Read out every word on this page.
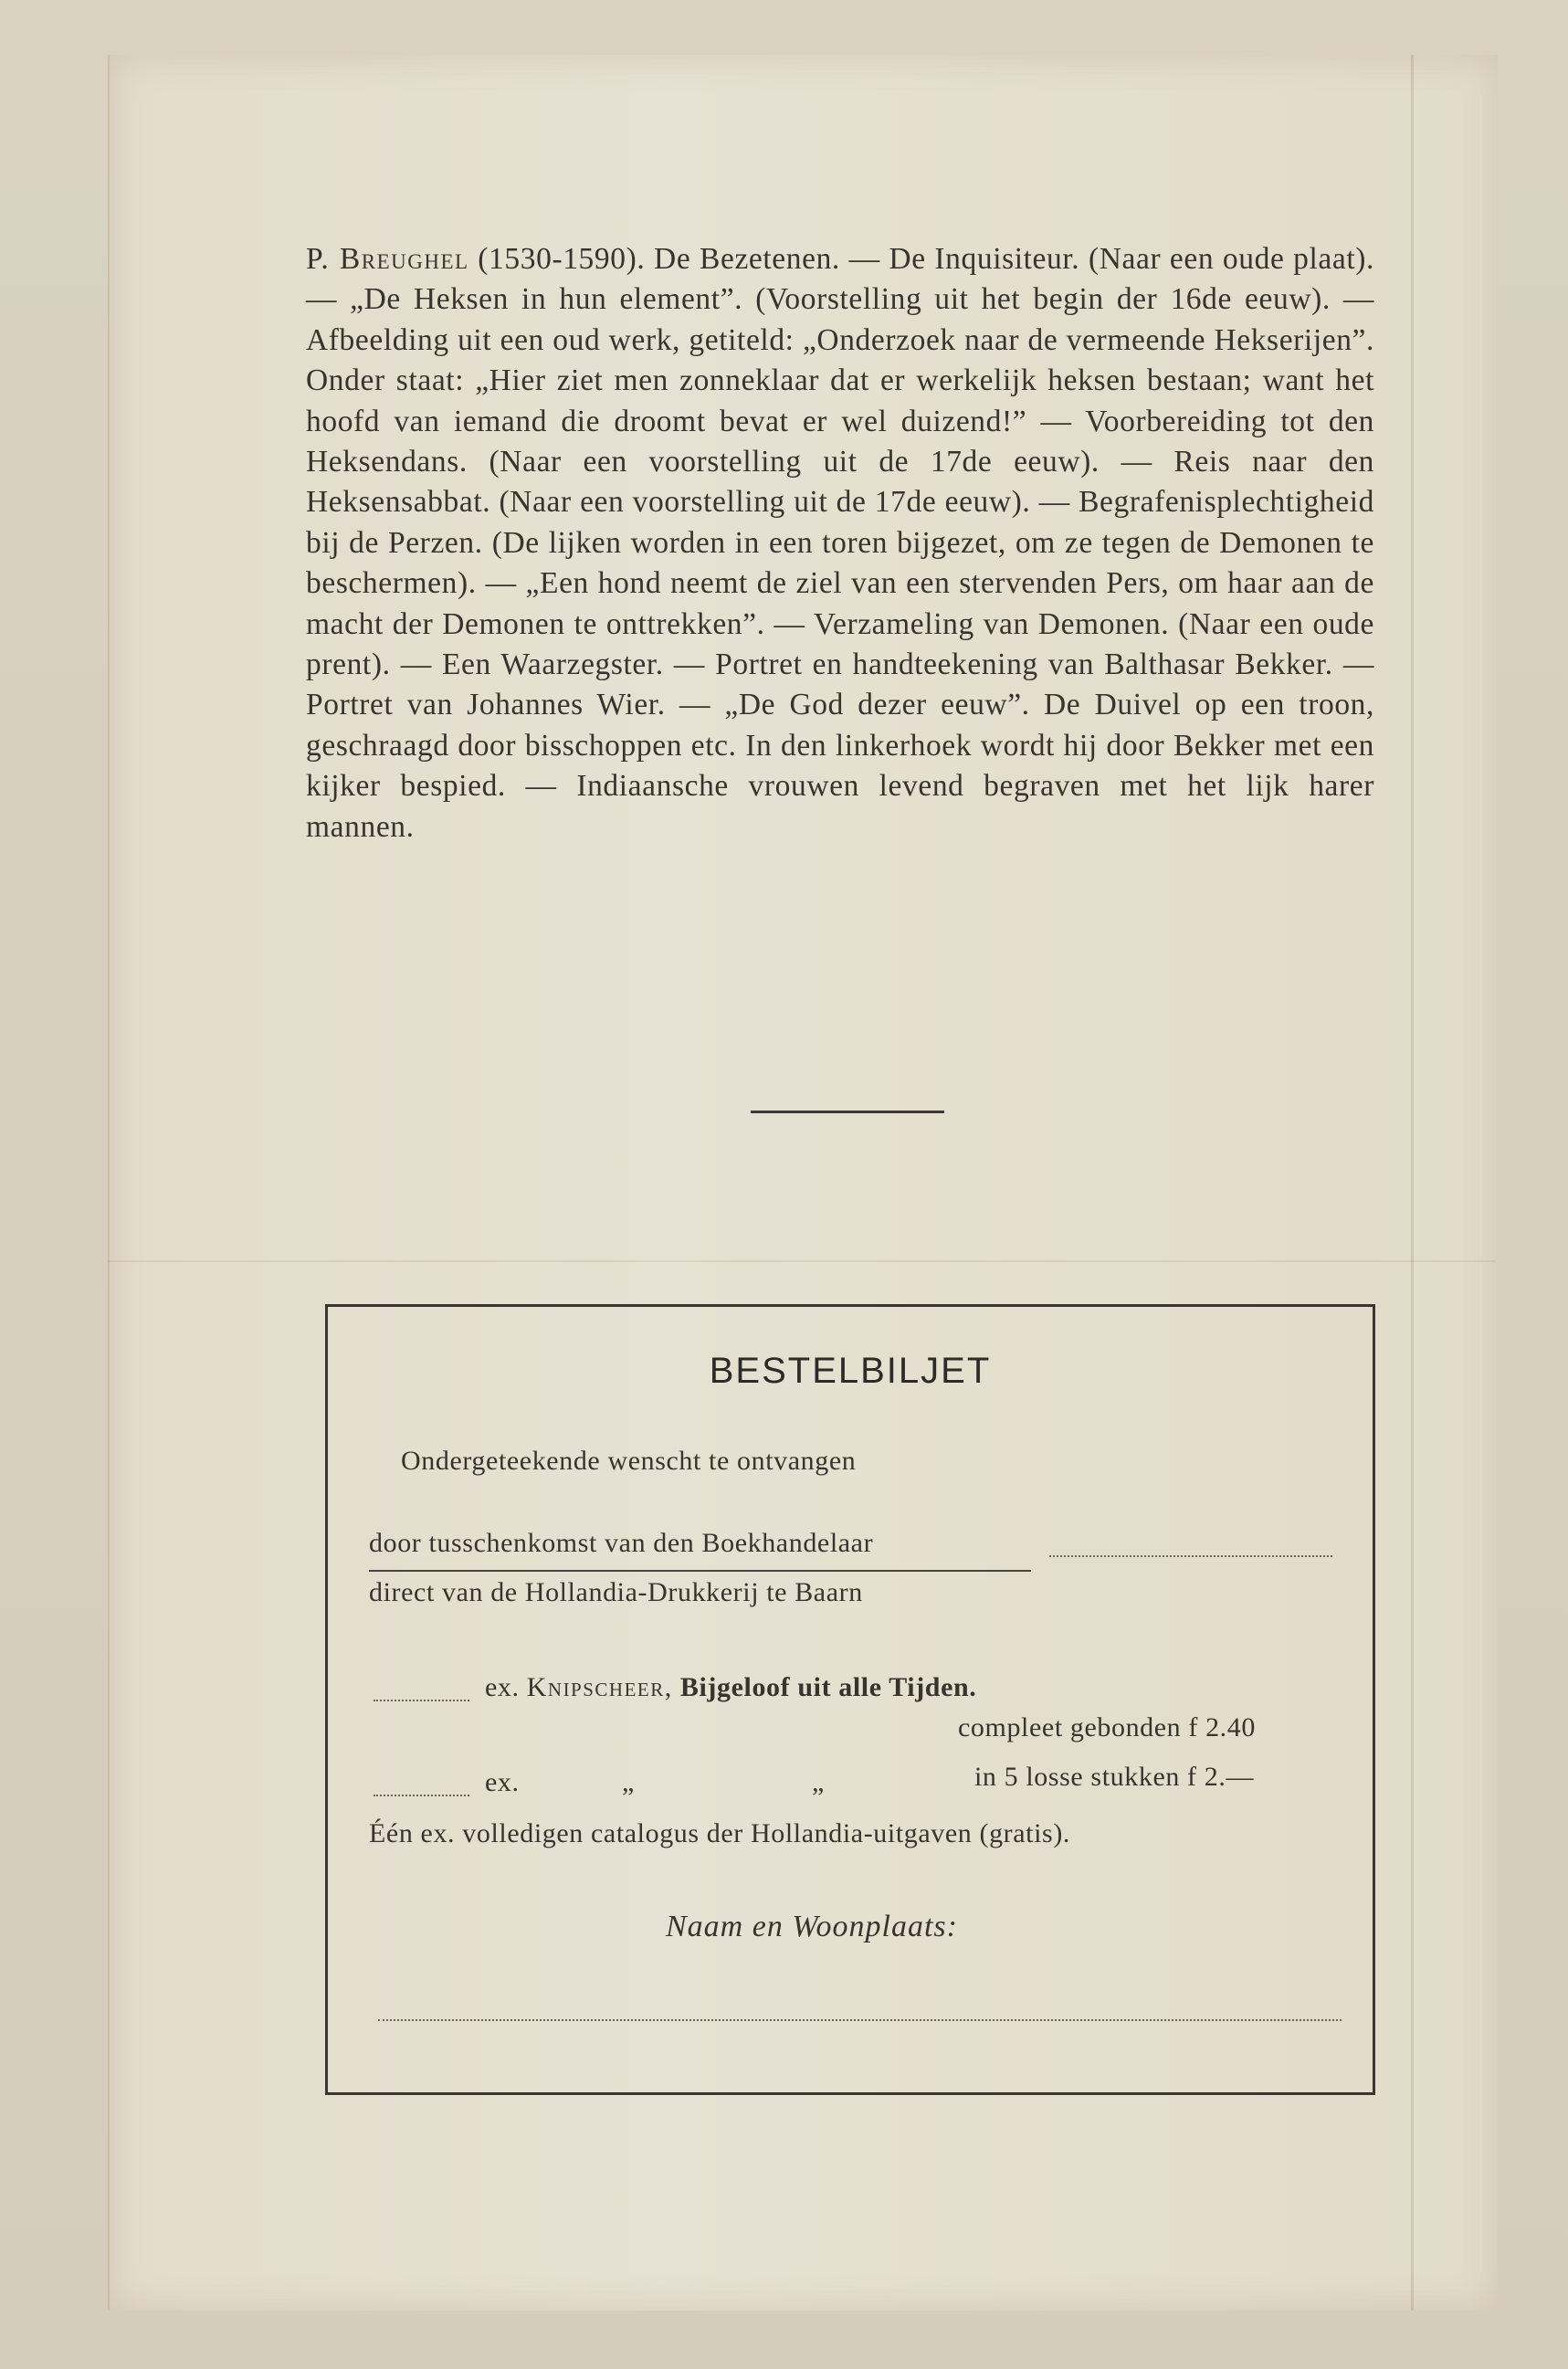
P. Breughel (1530-1590). De Bezetenen. — De Inquisiteur. (Naar een oude plaat). — „De Heksen in hun element”. (Voorstelling uit het begin der 16de eeuw). — Afbeelding uit een oud werk, getiteld: „Onderzoek naar de vermeende Hekserijen”. Onder staat: „Hier ziet men zonneklaar dat er werkelijk heksen bestaan; want het hoofd van iemand die droomt bevat er wel duizend!” — Voorbereiding tot den Heksendans. (Naar een voorstelling uit de 17de eeuw). — Reis naar den Heksensabbat. (Naar een voorstelling uit de 17de eeuw). — Begrafenisplechtigheid bij de Perzen. (De lijken worden in een toren bijgezet, om ze tegen de Demonen te beschermen). — „Een hond neemt de ziel van een stervenden Pers, om haar aan de macht der Demonen te onttrekken”. — Verzameling van Demonen. (Naar een oude prent). — Een Waarzegster. — Portret en handteekening van Balthasar Bekker. — Portret van Johannes Wier. — „De God dezer eeuw”. De Duivel op een troon, geschraagd door bisschoppen etc. In den linkerhoek wordt hij door Bekker met een kijker bespied. — Indiaansche vrouwen levend begraven met het lijk harer mannen.
BESTELBILJET
Ondergeteekende wenscht te ontvangen
door tusschenkomst van den Boekhandelaar
direct van de Hollandia-Drukkerij te Baarn
ex. Knipscheer, Bijgeloof uit alle Tijden.
compleet gebonden f 2.40
ex.	„	„	in 5 losse stukken f 2.—
Één ex. volledigen catalogus der Hollandia-uitgaven (gratis).
Naam en Woonplaats:
